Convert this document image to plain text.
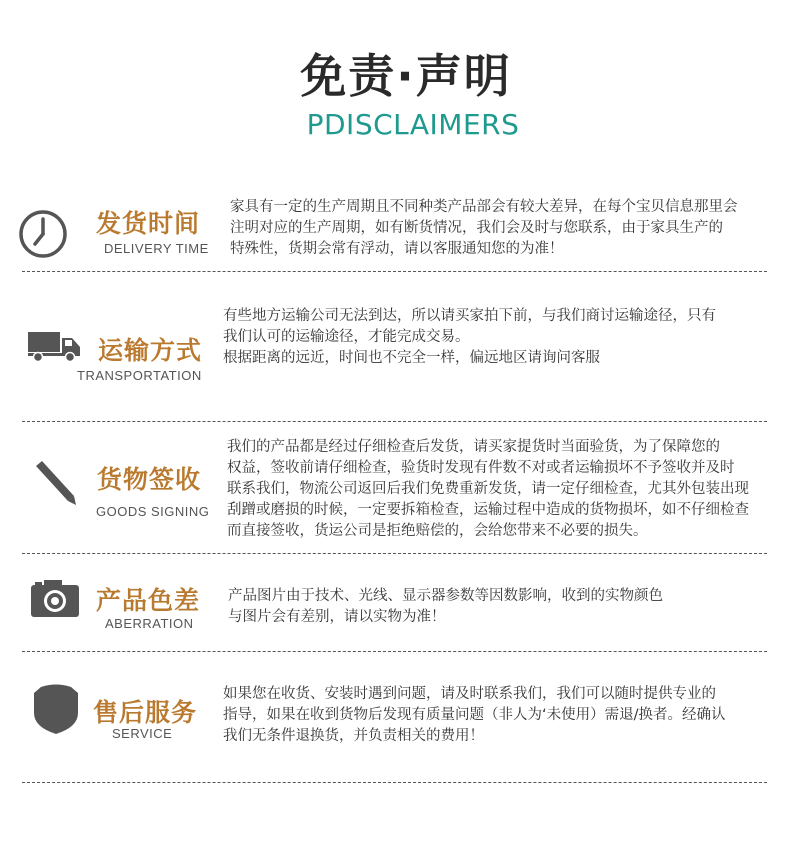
免责·声明
PDISCLAIMERS
发货时间
DELIVERY TIME

家具有一定的生产周期且不同种类产品部会有较大差异，在每个宝贝信息那里会

注明对应的生产周期，如有断货情况，我们会及时与您联系，由于家具生产的

特殊性，货期会常有浮动，请以客服通知您的为准！

运输方式
TRANSPORTATION

有些地方运输公司无法到达，所以请买家拍下前，与我们商讨运输途径，只有

我们认可的运输途径，才能完成交易。

根据距离的远近，时间也不完全一样，偏远地区请询问客服

货物签收
GOODS SIGNING

我们的产品都是经过仔细检查后发货，请买家提货时当面验货，为了保障您的

权益，签收前请仔细检查，验货时发现有件数不对或者运输损坏不予签收并及时

联系我们，物流公司返回后我们免费重新发货，请一定仔细检查，尤其外包装出现

刮蹭或磨损的时候，一定要拆箱检查，运输过程中造成的货物损坏，如不仔细检查

而直接签收，货运公司是拒绝赔偿的，会给您带来不必要的损失。

产品色差
ABERRATION

产品图片由于技术、光线、显示器参数等因数影响，收到的实物颜色

与图片会有差别，请以实物为准！

售后服务
SERVICE

如果您在收货、安装时遇到问题，请及时联系我们，我们可以随时提供专业的

指导，如果在收到货物后发现有质量问题（非人为‘未使用）需退/换者。经确认

我们无条件退换货，并负责相关的费用！
